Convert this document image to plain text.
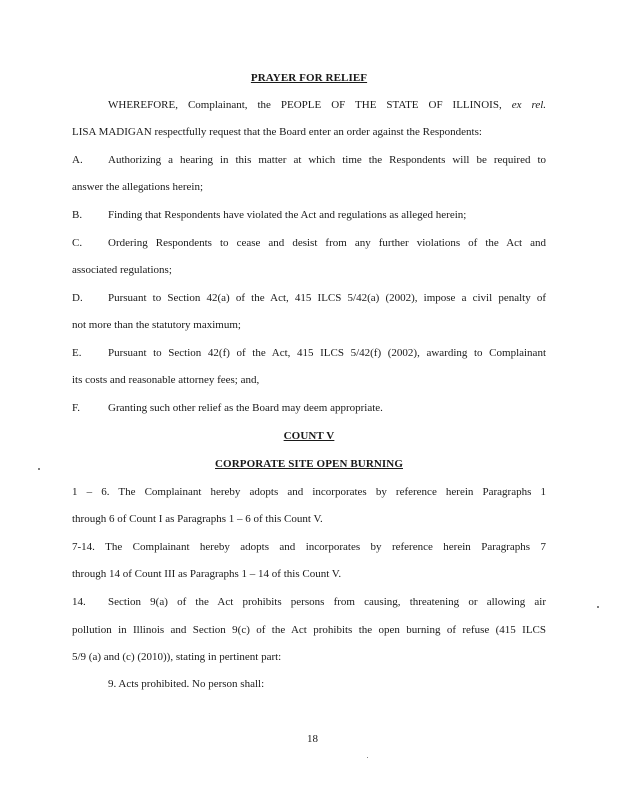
PRAYER FOR RELIEF
WHEREFORE, Complainant, the PEOPLE OF THE STATE OF ILLINOIS, ex rel.
LISA MADIGAN respectfully request that the Board enter an order against the Respondents:
A. Authorizing a hearing in this matter at which time the Respondents will be required to
answer the allegations herein;
B. Finding that Respondents have violated the Act and regulations as alleged herein;
C. Ordering Respondents to cease and desist from any further violations of the Act and
associated regulations;
D. Pursuant to Section 42(a) of the Act, 415 ILCS 5/42(a) (2002), impose a civil penalty of
not more than the statutory maximum;
E. Pursuant to Section 42(f) of the Act, 415 ILCS 5/42(f) (2002), awarding to Complainant
its costs and reasonable attorney fees; and,
F.	Granting such other relief as the Board may deem appropriate.
COUNT V
CORPORATE SITE OPEN BURNING
1 – 6. The Complainant hereby adopts and incorporates by reference herein Paragraphs 1
through 6 of Count I as Paragraphs 1 – 6 of this Count V.
7-14. The Complainant hereby adopts and incorporates by reference herein Paragraphs 7
through 14 of Count III as Paragraphs 1 – 14 of this Count V.
14. Section 9(a) of the Act prohibits persons from causing, threatening or allowing air
pollution in Illinois and Section 9(c) of the Act prohibits the open burning of refuse (415 ILCS
5/9 (a) and (c) (2010)), stating in pertinent part:
9. Acts prohibited. No person shall:
18
